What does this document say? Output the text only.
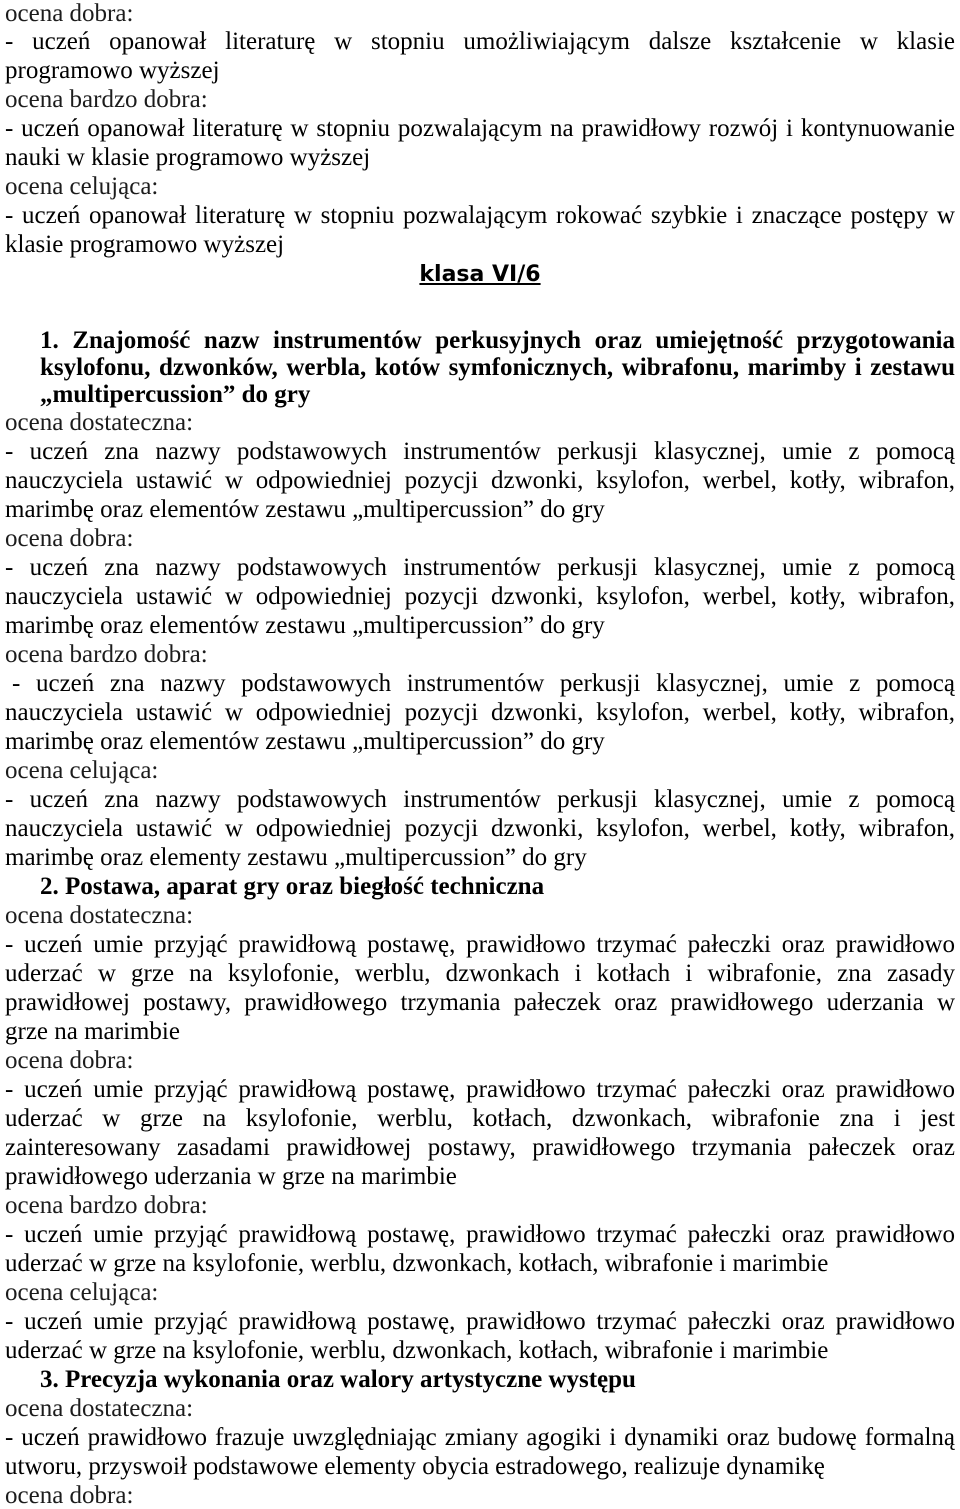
ocena dobra:
- uczeń opanował literaturę w stopniu umożliwiającym dalsze kształcenie w klasie
programowo wyższej
ocena bardzo dobra:
- uczeń opanował literaturę w stopniu pozwalającym na prawidłowy rozwój i kontynuowanie
nauki w klasie programowo wyższej
ocena celująca:
- uczeń opanował literaturę w stopniu pozwalającym rokować szybkie i znaczące postępy w
klasie programowo wyższej
klasa VI/6
1. Znajomość nazw instrumentów perkusyjnych oraz umiejętność przygotowania
ksylofonu, dzwonków, werbla, kotów symfonicznych, wibrafonu, marimby i zestawu
„multipercussion” do gry
ocena dostateczna:
- uczeń zna nazwy podstawowych instrumentów perkusji klasycznej, umie z pomocą
nauczyciela ustawić w odpowiedniej pozycji dzwonki, ksylofon, werbel, kotły, wibrafon,
marimbę oraz elementów zestawu „multipercussion” do gry
ocena dobra:
- uczeń zna nazwy podstawowych instrumentów perkusji klasycznej, umie z pomocą
nauczyciela ustawić w odpowiedniej pozycji dzwonki, ksylofon, werbel, kotły, wibrafon,
marimbę oraz elementów zestawu „multipercussion” do gry
ocena bardzo dobra:
- uczeń zna nazwy podstawowych instrumentów perkusji klasycznej, umie z pomocą
nauczyciela ustawić w odpowiedniej pozycji dzwonki, ksylofon, werbel, kotły, wibrafon,
marimbę oraz elementów zestawu „multipercussion” do gry
ocena celująca:
- uczeń zna nazwy podstawowych instrumentów perkusji klasycznej, umie z pomocą
nauczyciela ustawić w odpowiedniej pozycji dzwonki, ksylofon, werbel, kotły, wibrafon,
marimbę oraz elementy zestawu „multipercussion” do gry
2. Postawa, aparat gry oraz biegłość techniczna
ocena dostateczna:
- uczeń umie przyjąć prawidłową postawę, prawidłowo trzymać pałeczki oraz prawidłowo
uderzać w grze na ksylofonie, werblu, dzwonkach i kotłach i wibrafonie, zna zasady
prawidłowej postawy, prawidłowego trzymania pałeczek oraz prawidłowego uderzania w
grze na marimbie
ocena dobra:
- uczeń umie przyjąć prawidłową postawę, prawidłowo trzymać pałeczki oraz prawidłowo
uderzać w grze na ksylofonie, werblu, kotłach, dzwonkach, wibrafonie zna i jest
zainteresowany zasadami prawidłowej postawy, prawidłowego trzymania pałeczek oraz
prawidłowego uderzania w grze na marimbie
ocena bardzo dobra:
- uczeń umie przyjąć prawidłową postawę, prawidłowo trzymać pałeczki oraz prawidłowo
uderzać w grze na ksylofonie, werblu, dzwonkach, kotłach, wibrafonie i marimbie
ocena celująca:
- uczeń umie przyjąć prawidłową postawę, prawidłowo trzymać pałeczki oraz prawidłowo
uderzać w grze na ksylofonie, werblu, dzwonkach, kotłach, wibrafonie i marimbie
3. Precyzja wykonania oraz walory artystyczne występu
ocena dostateczna:
- uczeń prawidłowo frazuje uwzględniając zmiany agogiki i dynamiki oraz budowę formalną
utworu, przyswoił podstawowe elementy obycia estradowego, realizuje dynamikę
ocena dobra:
